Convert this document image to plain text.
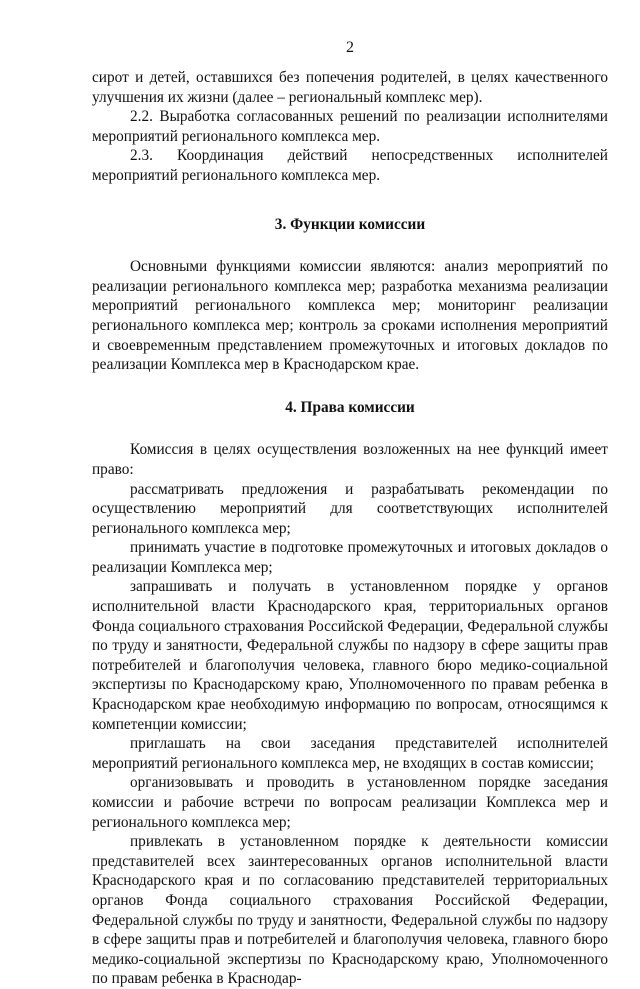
2

сирот и детей, оставшихся без попечения родителей, в целях качественного улучшения их жизни (далее – региональный комплекс мер).

2.2. Выработка согласованных решений по реализации исполнителями мероприятий регионального комплекса мер.

2.3. Координация действий непосредственных исполнителей мероприятий регионального комплекса мер.

3. Функции комиссии

Основными функциями комиссии являются: анализ мероприятий по реализации регионального комплекса мер; разработка механизма реализации мероприятий регионального комплекса мер; мониторинг реализации регионального комплекса мер; контроль за сроками исполнения мероприятий и своевременным представлением промежуточных и итоговых докладов по реализации Комплекса мер в Краснодарском крае.

4. Права комиссии

Комиссия в целях осуществления возложенных на нее функций имеет право:

рассматривать предложения и разрабатывать рекомендации по осуществлению мероприятий для соответствующих исполнителей регионального комплекса мер;

принимать участие в подготовке промежуточных и итоговых докладов о реализации Комплекса мер;

запрашивать и получать в установленном порядке у органов исполнительной власти Краснодарского края, территориальных органов Фонда социального страхования Российской Федерации, Федеральной службы по труду и занятности, Федеральной службы по надзору в сфере защиты прав потребителей и благополучия человека, главного бюро медико-социальной экспертизы по Краснодарскому краю, Уполномоченного по правам ребенка в Краснодарском крае необходимую информацию по вопросам, относящимся к компетенции комиссии;

приглашать на свои заседания представителей исполнителей мероприятий регионального комплекса мер, не входящих в состав комиссии;

организовывать и проводить в установленном порядке заседания комиссии и рабочие встречи по вопросам реализации Комплекса мер и регионального комплекса мер;

привлекать в установленном порядке к деятельности комиссии представителей всех заинтересованных органов исполнительной власти Краснодарского края и по согласованию представителей территориальных органов Фонда социального страхования Российской Федерации, Федеральной службы по труду и занятности, Федеральной службы по надзору в сфере защиты прав и потребителей и благополучия человека, главного бюро медико-социальной экспертизы по Краснодарскому краю, Уполномоченного по правам ребенка в Краснодар-
